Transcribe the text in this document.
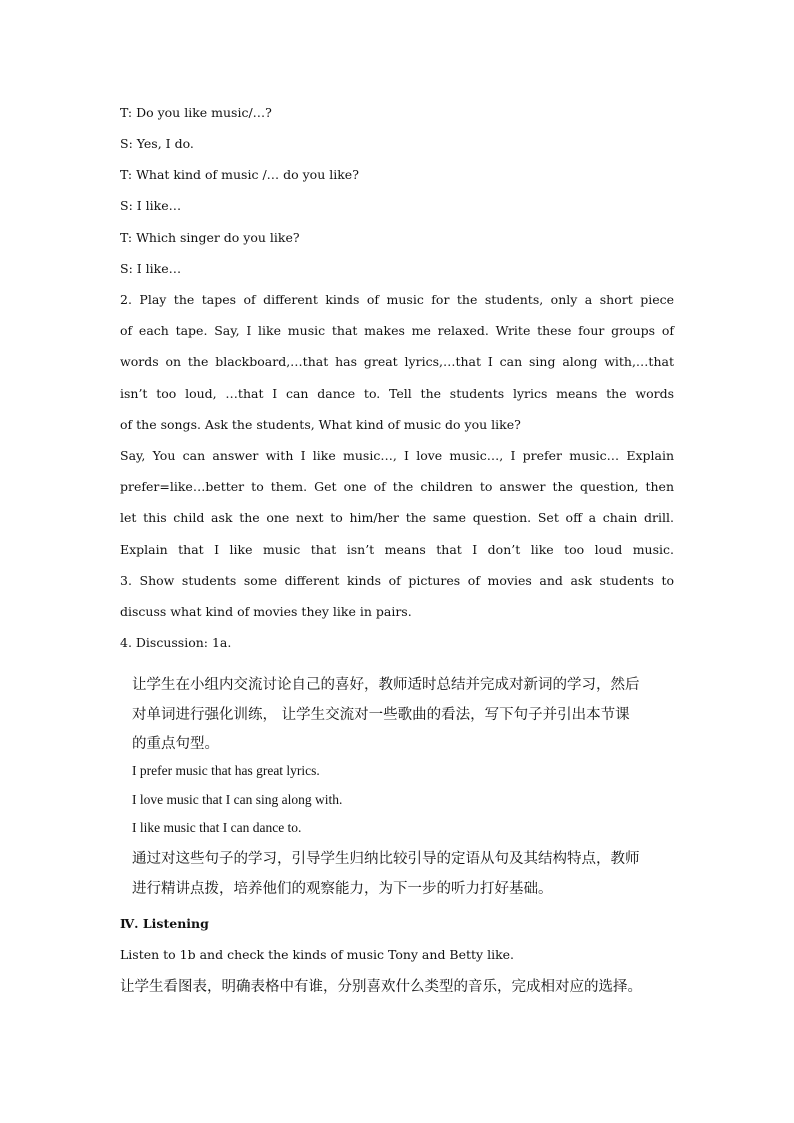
T: Do you like music/…?
S: Yes, I do.
T: What kind of music /… do you like?
S: I like…
T: Which singer do you like?
S: I like…
2. Play the tapes of different kinds of music for the students, only a short piece
of each tape. Say, I like music that makes me relaxed. Write these four groups of
words on the blackboard,…that has great lyrics,…that I can sing along with,…that
isn’t too loud, …that I can dance to. Tell the students lyrics means the words
of the songs. Ask the students, What kind of music do you like?
Say, You can answer with I like music…, I love music…, I prefer music… Explain
prefer=like…better to them. Get one of the children to answer the question, then
let this child ask the one next to him/her the same question. Set off a chain drill.
Explain that I like music that isn’t means that I don’t like too loud music.
3. Show students some different kinds of pictures of movies and ask students to
discuss what kind of movies they like in pairs.
4. Discussion: 1a.
让学生在小组内交流讨论自己的喜好，教师适时总结并完成对新词的学习，然后
对单词进行强化训练， 让学生交流对一些歌曲的看法，写下句子并引出本节课
的重点句型。
I prefer music that has great lyrics.
I love music that I can sing along with.
I like music that I can dance to.
通过对这些句子的学习，引导学生归纳比较引导的定语从句及其结构特点，教师
进行精讲点拨，培养他们的观察能力，为下一步的听力打好基础。
Ⅳ. Listening
Listen to 1b and check the kinds of music Tony and Betty like.
让学生看图表，明确表格中有谁，分别喜欢什么类型的音乐，完成相对应的选择。
